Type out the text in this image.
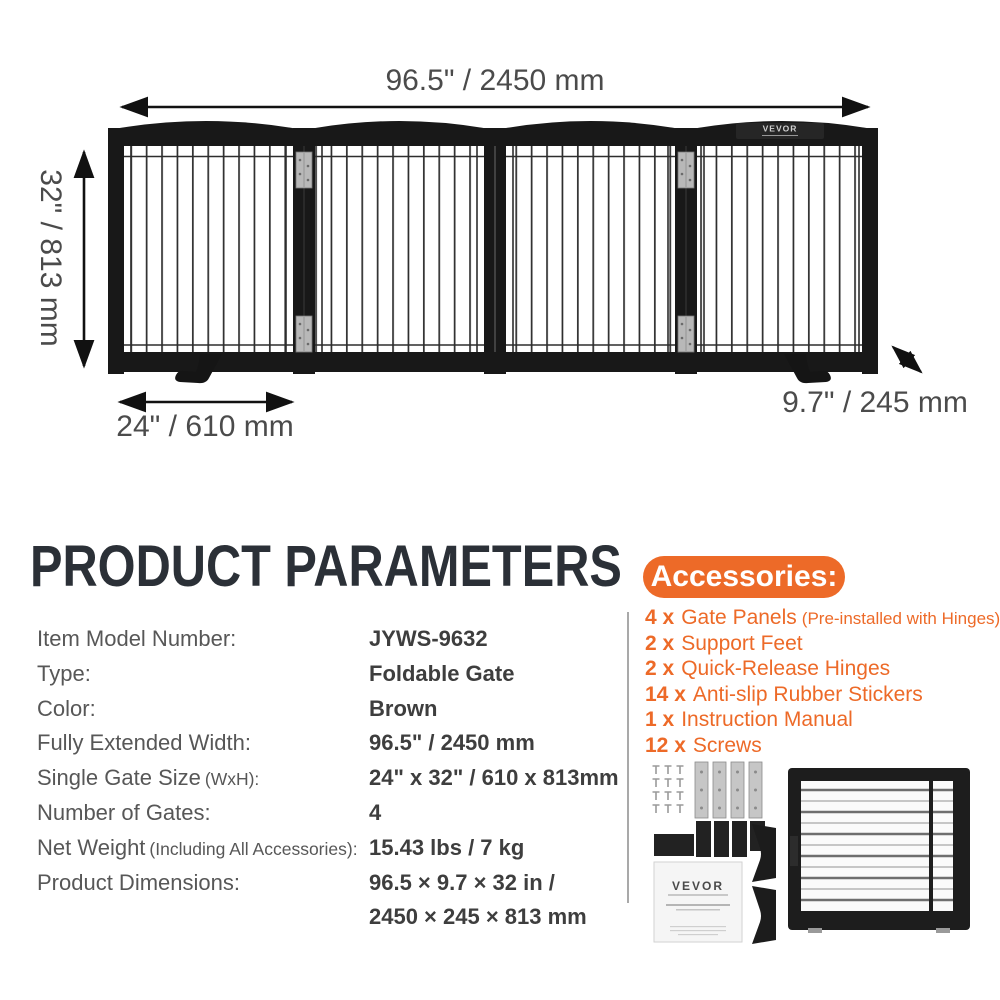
VEVOR
96.5" / 2450 mm
32" / 813 mm
24" / 610 mm
9.7" / 245 mm
PRODUCT PARAMETERS
Item Model Number:	JYWS-9632
Type:	Foldable Gate
Color:	Brown
Fully Extended Width:	96.5" / 2450 mm
Single Gate Size (WxH):	24" x 32" / 610 x 813mm
Number of Gates:	4
Net Weight (Including All Accessories): 15.43 lbs / 7 kg
Product Dimensions:	96.5 × 9.7 × 32 in /
2450 × 245 × 813 mm
Accessories:
4 x Gate Panels (Pre-installed with Hinges)
2 x Support Feet
2 x Quick-Release Hinges
14 x Anti-slip Rubber Stickers
1 x Instruction Manual
12 x Screws
VEVOR
